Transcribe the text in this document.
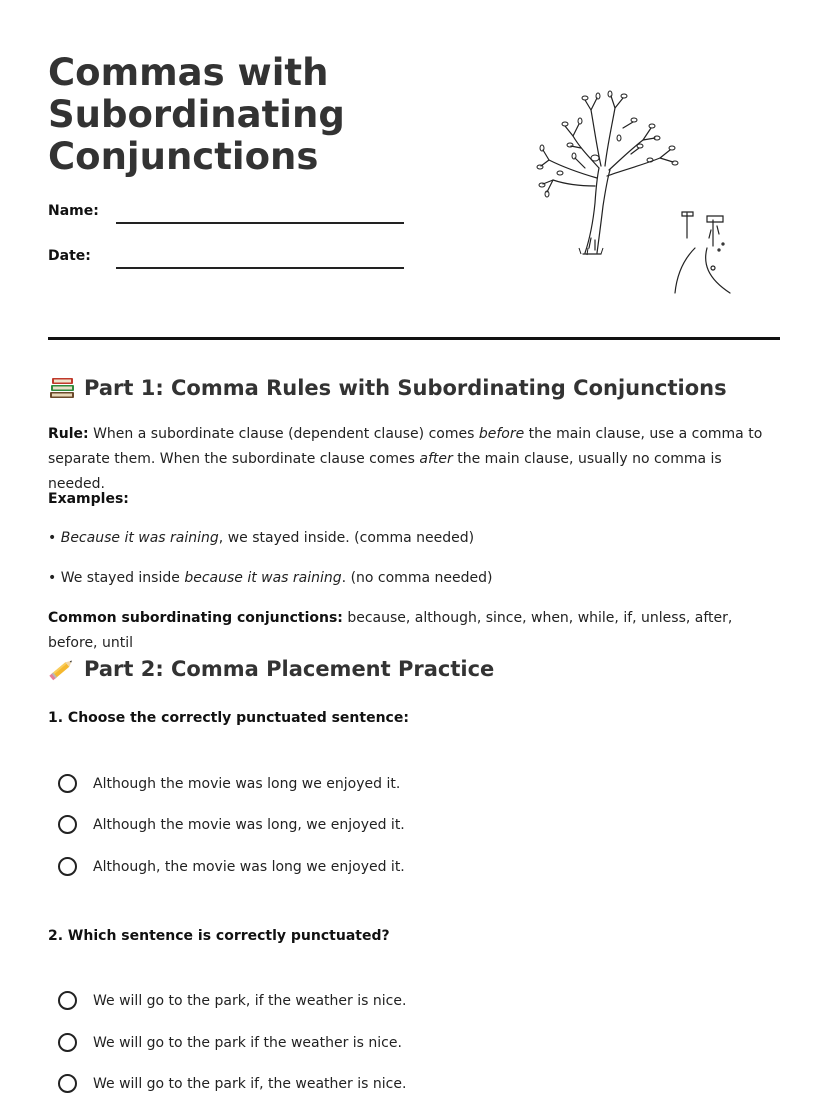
Commas with Subordinating Conjunctions
Name:
Date:
Part 1: Comma Rules with Subordinating Conjunctions

Rule: When a subordinate clause (dependent clause) comes before the main clause, use a comma to separate them. When the subordinate clause comes after the main clause, usually no comma is needed.

Examples:

• Because it was raining, we stayed inside. (comma needed)

• We stayed inside because it was raining. (no comma needed)

Common subordinating conjunctions: because, although, since, when, while, if, unless, after, before, until

Part 2: Comma Placement Practice
1. Choose the correctly punctuated sentence:
Although the movie was long we enjoyed it.
Although the movie was long, we enjoyed it.
Although, the movie was long we enjoyed it.
2. Which sentence is correctly punctuated?
We will go to the park, if the weather is nice.
We will go to the park if the weather is nice.
We will go to the park if, the weather is nice.
